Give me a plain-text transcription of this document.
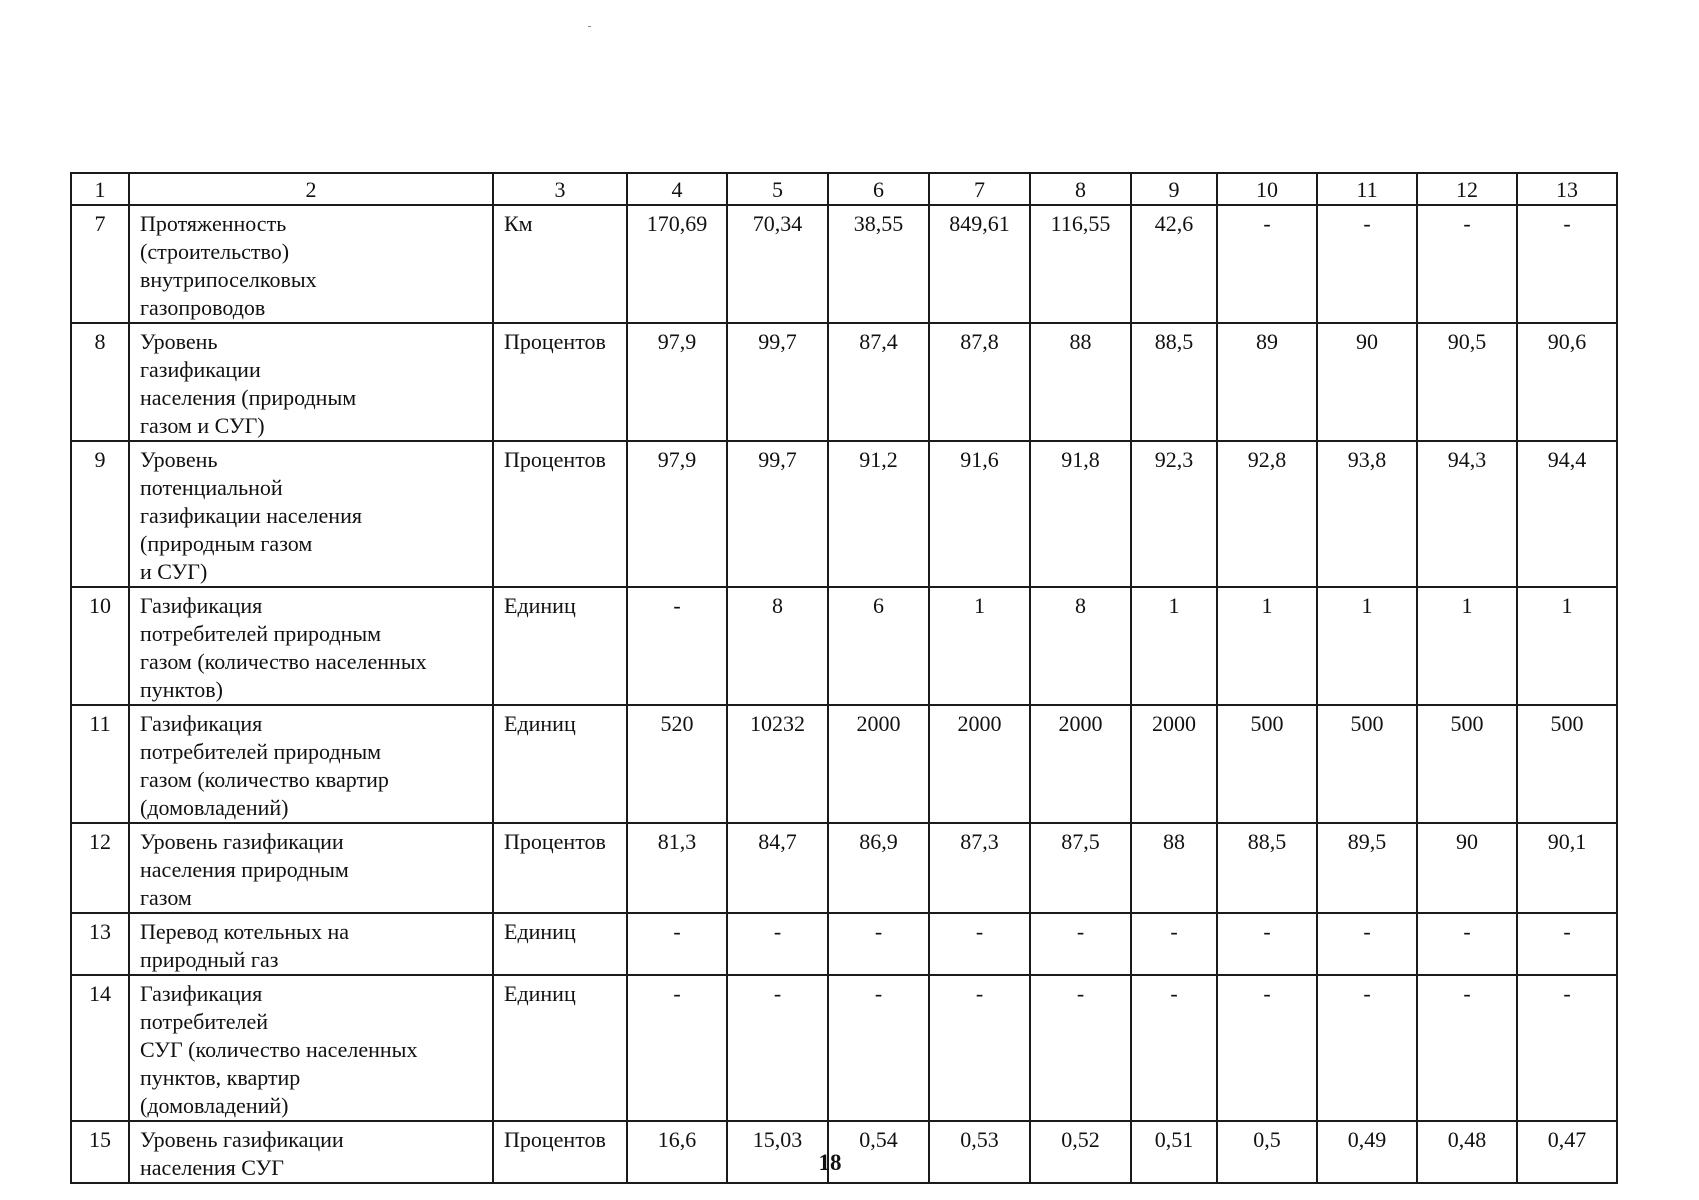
1	2	3	4	5	6	7	8	9	10	11	12	13
7	Протяженность
(строительство)
внутрипоселковых
газопроводов	Км	170,69	70,34	38,55	849,61	116,55	42,6	-	-	-	-
8	Уровень
газификации
населения (природным
газом и СУГ)	Процентов	97,9	99,7	87,4	87,8	88	88,5	89	90	90,5	90,6
9	Уровень
потенциальной
газификации населения
(природным газом
и СУГ)	Процентов	97,9	99,7	91,2	91,6	91,8	92,3	92,8	93,8	94,3	94,4
10	Газификация
потребителей природным
газом (количество населенных
пунктов)	Единиц	-	8	6	1	8	1	1	1	1	1
11	Газификация
потребителей природным
газом (количество квартир
(домовладений)	Единиц	520	10232	2000	2000	2000	2000	500	500	500	500
12	Уровень газификации
населения природным
газом	Процентов	81,3	84,7	86,9	87,3	87,5	88	88,5	89,5	90	90,1
13	Перевод котельных на
природный газ	Единиц	-	-	-	-	-	-	-	-	-	-
14	Газификация
потребителей
СУГ (количество населенных
пунктов, квартир
(домовладений)	Единиц	-	-	-	-	-	-	-	-	-	-
15	Уровень газификации
населения СУГ	Процентов	16,6	15,03	0,54	0,53	0,52	0,51	0,5	0,49	0,48	0,47
18
